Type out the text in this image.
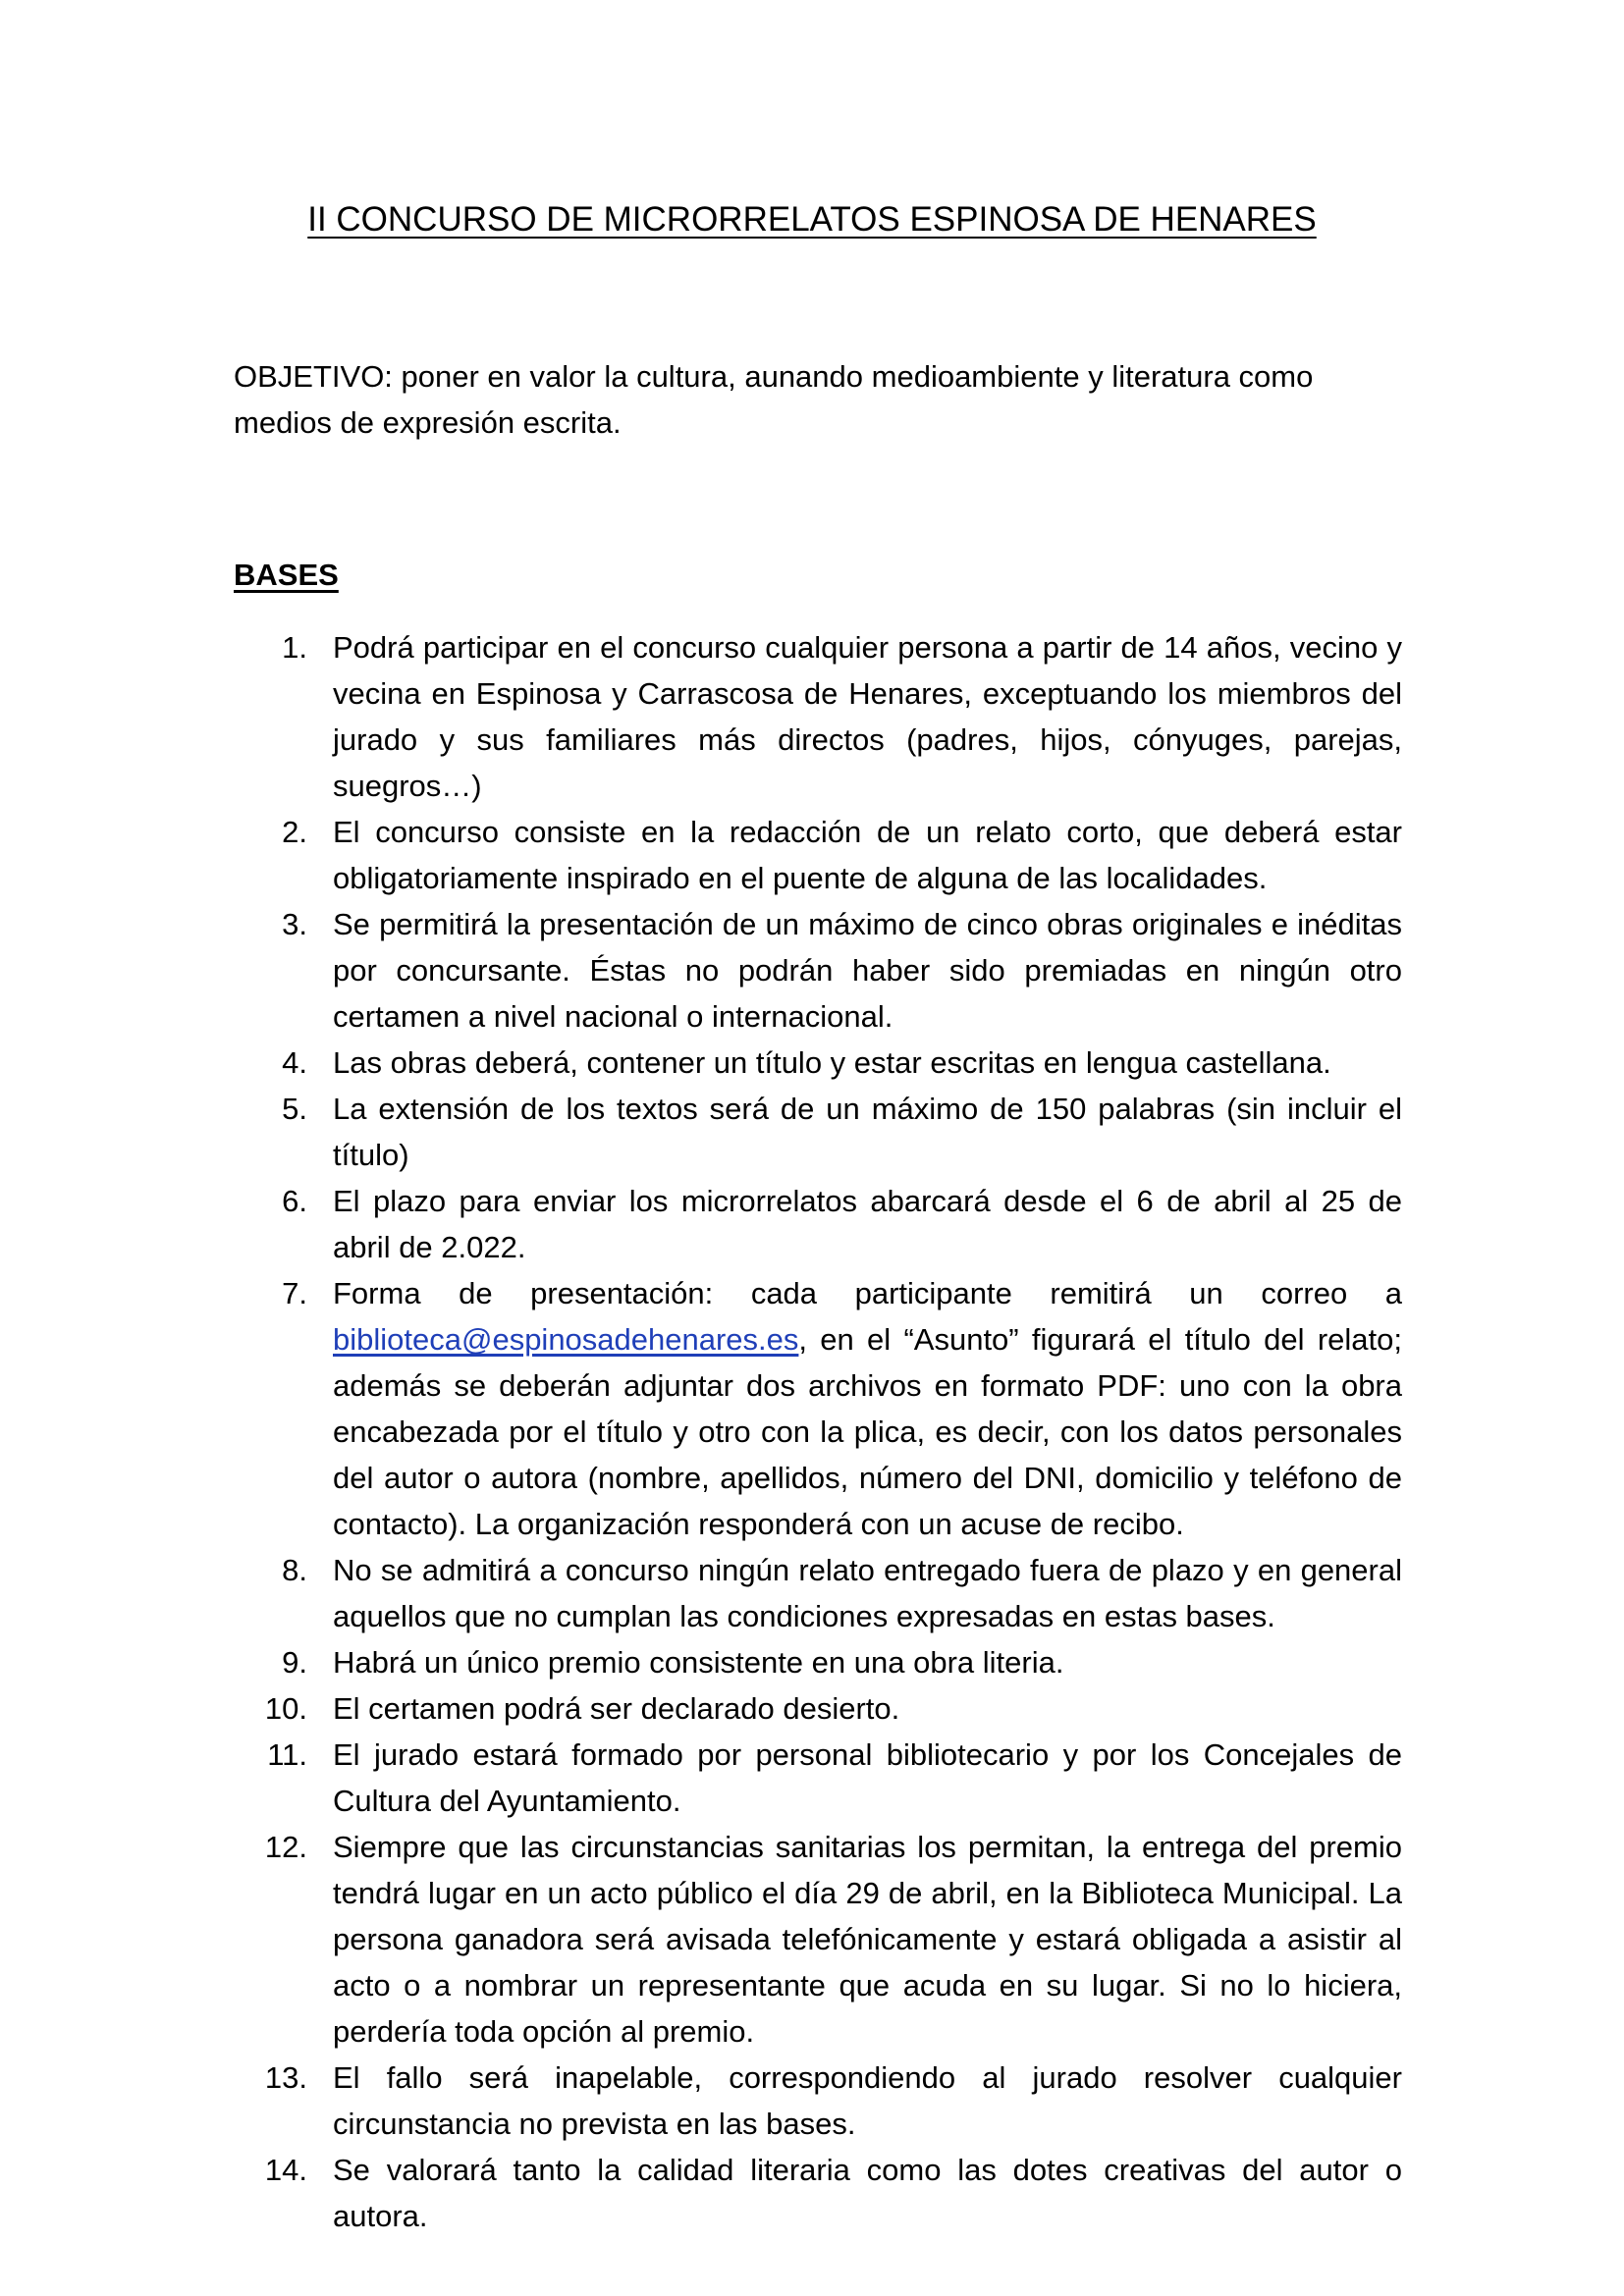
II CONCURSO DE MICRORRELATOS ESPINOSA DE HENARES

OBJETIVO: poner en valor la cultura, aunando medioambiente y literatura como medios de expresión escrita.

BASES
1. Podrá participar en el concurso cualquier persona a partir de 14 años, vecino y vecina en Espinosa y Carrascosa de Henares, exceptuando los miembros del jurado y sus familiares más directos (padres, hijos, cónyuges, parejas, suegros…)
2. El concurso consiste en la redacción de un relato corto, que deberá estar obligatoriamente inspirado en el puente de alguna de las localidades.
3. Se permitirá la presentación de un máximo de cinco obras originales e inéditas por concursante. Éstas no podrán haber sido premiadas en ningún otro certamen a nivel nacional o internacional.
4. Las obras deberá, contener un título y estar escritas en lengua castellana.
5. La extensión de los textos será de un máximo de 150 palabras (sin incluir el título)
6. El plazo para enviar los microrrelatos abarcará desde el 6 de abril al 25 de abril de 2.022.
7. Forma de presentación: cada participante remitirá un correo a biblioteca@espinosadehenares.es, en el “Asunto” figurará el título del relato; además se deberán adjuntar dos archivos en formato PDF: uno con la obra encabezada por el título y otro con la plica, es decir, con los datos personales del autor o autora (nombre, apellidos, número del DNI, domicilio y teléfono de contacto). La organización responderá con un acuse de recibo.
8. No se admitirá a concurso ningún relato entregado fuera de plazo y en general aquellos que no cumplan las condiciones expresadas en estas bases.
9. Habrá un único premio consistente en una obra literia.
10. El certamen podrá ser declarado desierto.
11. El jurado estará formado por personal bibliotecario y por los Concejales de Cultura del Ayuntamiento.
12. Siempre que las circunstancias sanitarias los permitan, la entrega del premio tendrá lugar en un acto público el día 29 de abril, en la Biblioteca Municipal. La persona ganadora será avisada telefónicamente y estará obligada a asistir al acto o a nombrar un representante que acuda en su lugar. Si no lo hiciera, perdería toda opción al premio.
13. El fallo será inapelable, correspondiendo al jurado resolver cualquier circunstancia no prevista en las bases.
14. Se valorará tanto la calidad literaria como las dotes creativas del autor o autora.
